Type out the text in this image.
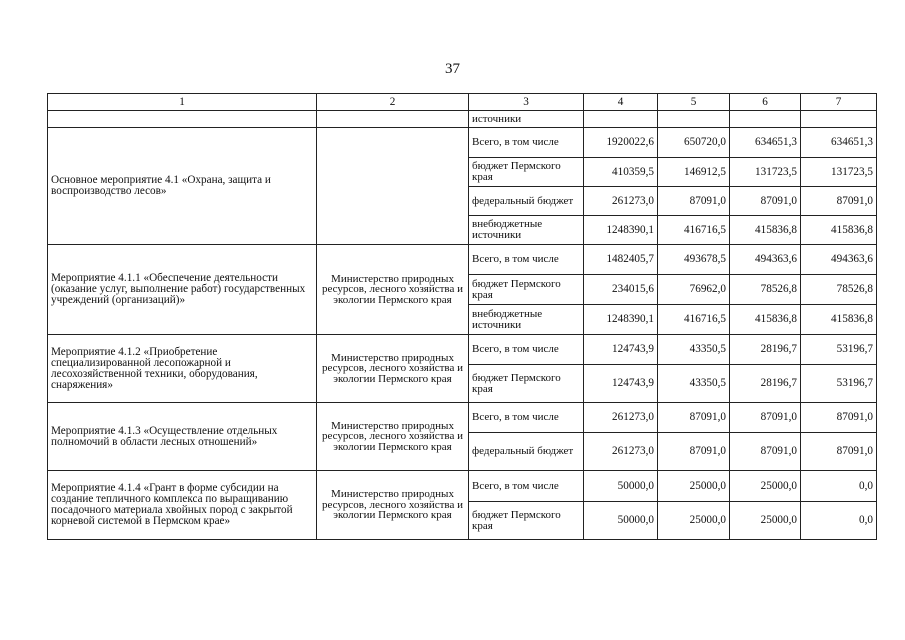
37
1	2	3	4	5	6	7
		источники				
Основное мероприятие 4.1 «Охрана, защита и воспроизводство лесов»		Всего, в том числе	1920022,6	650720,0	634651,3	634651,3
		бюджет Пермского края	410359,5	146912,5	131723,5	131723,5
		федеральный бюджет	261273,0	87091,0	87091,0	87091,0
		внебюджетные источники	1248390,1	416716,5	415836,8	415836,8
Мероприятие 4.1.1 «Обеспечение деятельности (оказание услуг, выполнение работ) государственных учреждений (организаций)»	Министерство природных ресурсов, лесного хозяйства и экологии Пермского края	Всего, в том числе	1482405,7	493678,5	494363,6	494363,6
		бюджет Пермского края	234015,6	76962,0	78526,8	78526,8
		внебюджетные источники	1248390,1	416716,5	415836,8	415836,8
Мероприятие 4.1.2 «Приобретение специализированной лесопожарной и лесохозяйственной техники, оборудования, снаряжения»	Министерство природных ресурсов, лесного хозяйства и экологии Пермского края	Всего, в том числе	124743,9	43350,5	28196,7	53196,7
		бюджет Пермского края	124743,9	43350,5	28196,7	53196,7
Мероприятие 4.1.3 «Осуществление отдельных полномочий в области лесных отношений»	Министерство природных ресурсов, лесного хозяйства и экологии Пермского края	Всего, в том числе	261273,0	87091,0	87091,0	87091,0
		федеральный бюджет	261273,0	87091,0	87091,0	87091,0
Мероприятие 4.1.4 «Грант в форме субсидии на создание тепличного комплекса по выращиванию посадочного материала хвойных пород с закрытой корневой системой в Пермском крае»	Министерство природных ресурсов, лесного хозяйства и экологии Пермского края	Всего, в том числе	50000,0	25000,0	25000,0	0,0
		бюджет Пермского края	50000,0	25000,0	25000,0	0,0
